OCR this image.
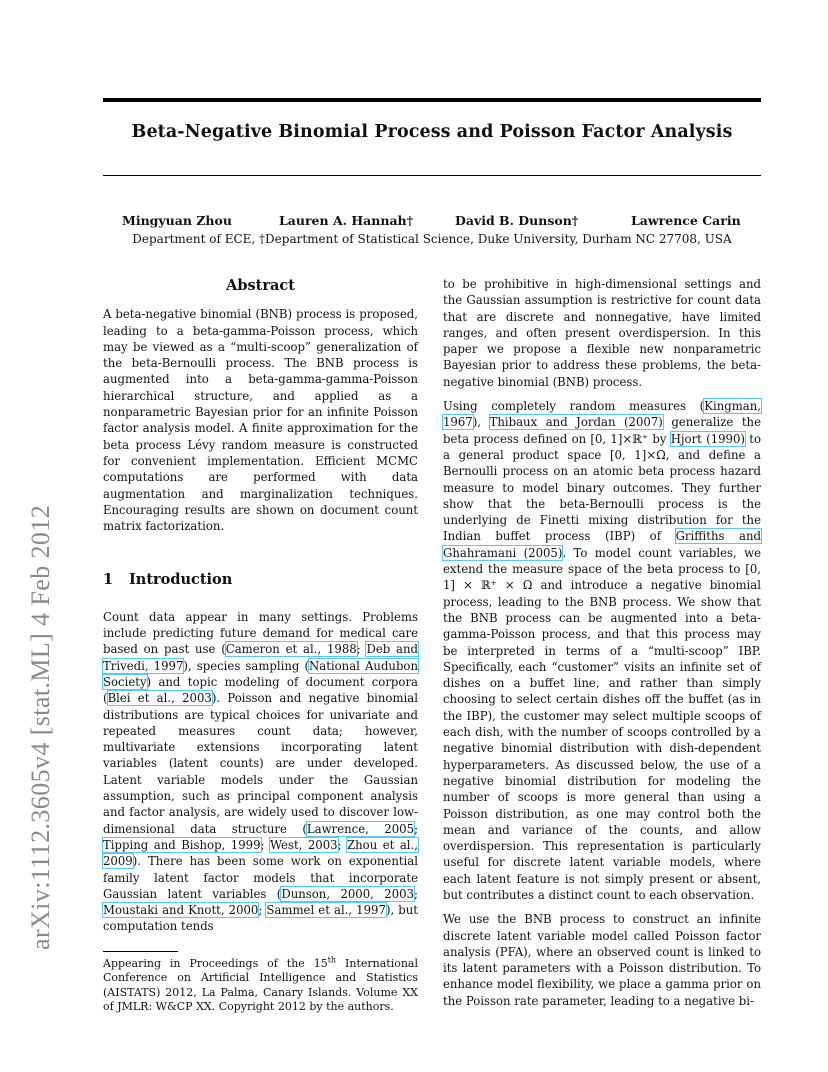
arXiv:1112.3605v4 [stat.ML] 4 Feb 2012
Beta-Negative Binomial Process and Poisson Factor Analysis
Mingyuan Zhou	Lauren A. Hannah†	David B. Dunson†	Lawrence Carin
Department of ECE, †Department of Statistical Science, Duke University, Durham NC 27708, USA
Abstract

A beta-negative binomial (BNB) process is proposed, leading to a beta-gamma-Poisson process, which may be viewed as a “multi-scoop” generalization of the beta-Bernoulli process. The BNB process is augmented into a beta-gamma-gamma-Poisson hierarchical structure, and applied as a nonparametric Bayesian prior for an infinite Poisson factor analysis model. A finite approximation for the beta process Lévy random measure is constructed for convenient implementation. Efficient MCMC computations are performed with data augmentation and marginalization techniques. Encouraging results are shown on document count matrix factorization.

1 Introduction

Count data appear in many settings. Problems include predicting future demand for medical care based on past use (Cameron et al., 1988; Deb and Trivedi, 1997), species sampling (National Audubon Society) and topic modeling of document corpora (Blei et al., 2003). Poisson and negative binomial distributions are typical choices for univariate and repeated measures count data; however, multivariate extensions incorporating latent variables (latent counts) are under developed. Latent variable models under the Gaussian assumption, such as principal component analysis and factor analysis, are widely used to discover low-dimensional data structure (Lawrence, 2005; Tipping and Bishop, 1999; West, 2003; Zhou et al., 2009). There has been some work on exponential family latent factor models that incorporate Gaussian latent variables (Dunson, 2000, 2003; Moustaki and Knott, 2000; Sammel et al., 1997), but computation tends

Appearing in Proceedings of the 15th International Conference on Artificial Intelligence and Statistics (AISTATS) 2012, La Palma, Canary Islands. Volume XX of JMLR: W&CP XX. Copyright 2012 by the authors.

to be prohibitive in high-dimensional settings and the Gaussian assumption is restrictive for count data that are discrete and nonnegative, have limited ranges, and often present overdispersion. In this paper we propose a flexible new nonparametric Bayesian prior to address these problems, the beta-negative binomial (BNB) process.

Using completely random measures (Kingman, 1967), Thibaux and Jordan (2007) generalize the beta process defined on [0, 1]×ℝ⁺ by Hjort (1990) to a general product space [0, 1]×Ω, and define a Bernoulli process on an atomic beta process hazard measure to model binary outcomes. They further show that the beta-Bernoulli process is the underlying de Finetti mixing distribution for the Indian buffet process (IBP) of Griffiths and Ghahramani (2005). To model count variables, we extend the measure space of the beta process to [0, 1] × ℝ⁺ × Ω and introduce a negative binomial process, leading to the BNB process. We show that the BNB process can be augmented into a beta-gamma-Poisson process, and that this process may be interpreted in terms of a “multi-scoop” IBP. Specifically, each “customer” visits an infinite set of dishes on a buffet line, and rather than simply choosing to select certain dishes off the buffet (as in the IBP), the customer may select multiple scoops of each dish, with the number of scoops controlled by a negative binomial distribution with dish-dependent hyperparameters. As discussed below, the use of a negative binomial distribution for modeling the number of scoops is more general than using a Poisson distribution, as one may control both the mean and variance of the counts, and allow overdispersion. This representation is particularly useful for discrete latent variable models, where each latent feature is not simply present or absent, but contributes a distinct count to each observation.

We use the BNB process to construct an infinite discrete latent variable model called Poisson factor analysis (PFA), where an observed count is linked to its latent parameters with a Poisson distribution. To enhance model flexibility, we place a gamma prior on the Poisson rate parameter, leading to a negative bi-
